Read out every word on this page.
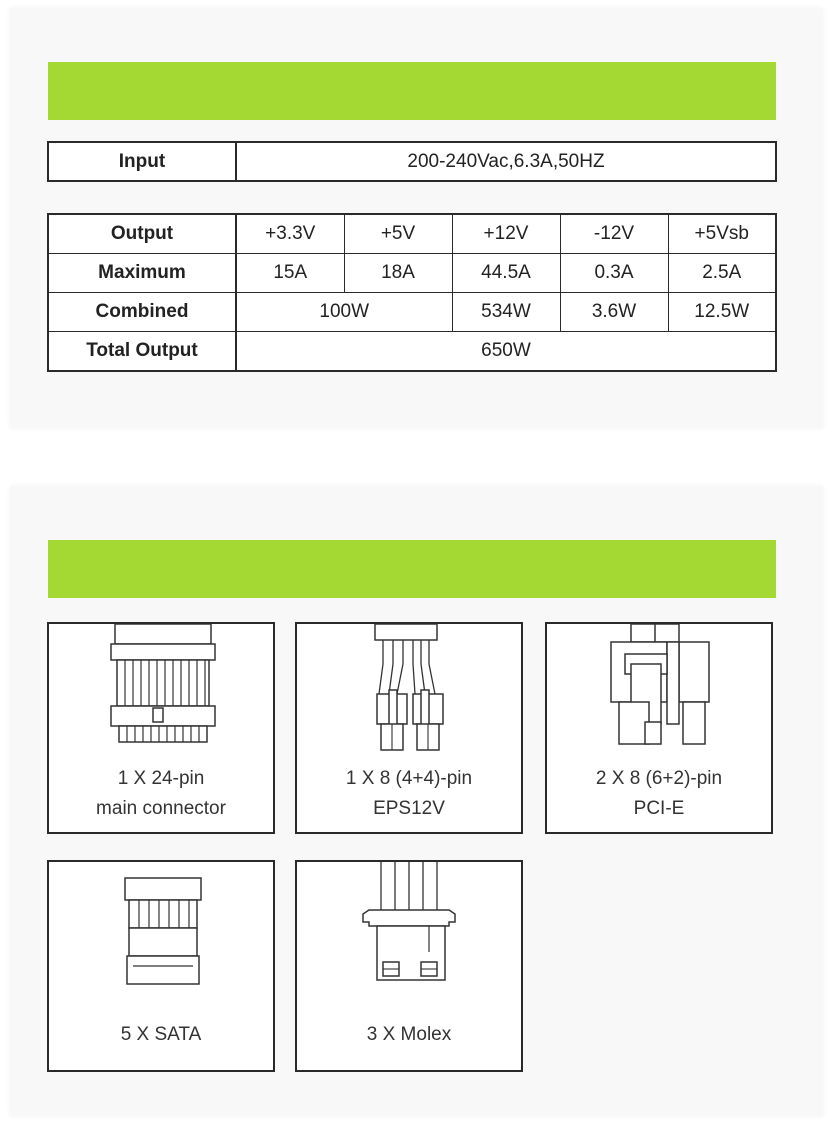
Input	200-240Vac,6.3A,50HZ
Output	+3.3V	+5V	+12V	-12V	+5Vsb
Maximum	15A	18A	44.5A	0.3A	2.5A
Combined	100W		534W	3.6W	12.5W
Total Output	650W				
1 X 24-pin
main connector
1 X 8 (4+4)-pin
EPS12V
2 X 8 (6+2)-pin
PCI-E
5 X SATA	3 X Molex
